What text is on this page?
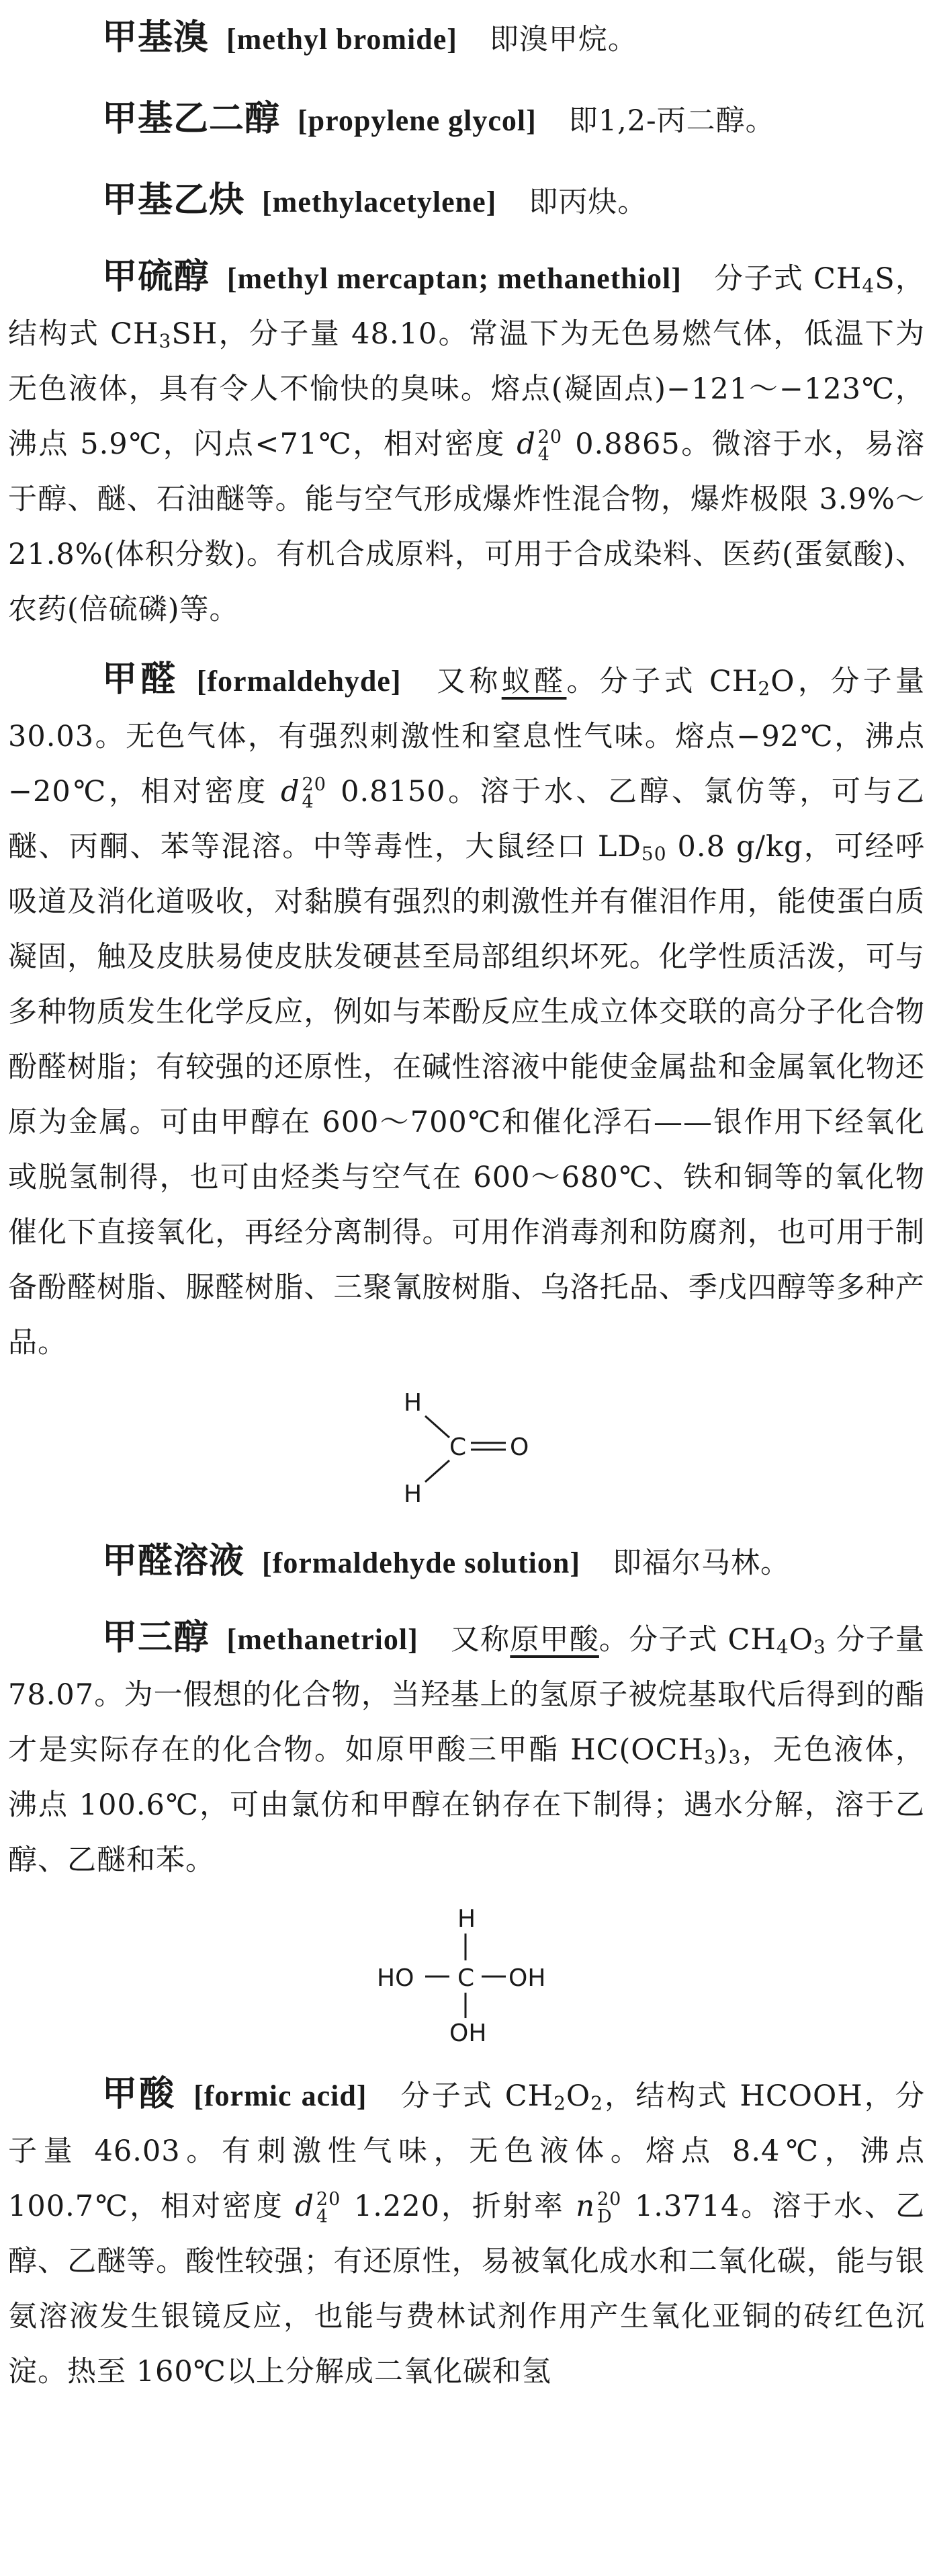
甲基溴 [methyl bromide] 即溴甲烷。

甲基乙二醇 [propylene glycol] 即1,2-丙二醇。

甲基乙炔 [methylacetylene] 即丙炔。

甲硫醇 [methyl mercaptan; methanethiol] 分子式 $CH_4S$，结构式 $CH_3SH$，分子量 48.10。常温下为无色易燃气体，低温下为无色液体，具有令人不愉快的臭味。熔点(凝固点)−121～−123℃，沸点 5.9℃，闪点<71℃，相对密度 d 20
4 0.8865。微溶于水，易溶于醇、醚、石油醚等。能与空气形成爆炸性混合物，爆炸极限 3.9%～21.8%(体积分数)。有机合成原料，可用于合成染料、医药(蛋氨酸)、农药(倍硫磷)等。

甲醛 [formaldehyde] 又称蚁醛。分子式 $CH_2O$，分子量 30.03。无色气体，有强烈刺激性和窒息性气味。熔点−92℃，沸点−20℃，相对密度 d 20
4 0.8150。溶于水、乙醇、氯仿等，可与乙醚、丙酮、苯等混溶。中等毒性，大鼠经口 $LD_{50}$ 0.8 g/kg，可经呼吸道及消化道吸收，对黏膜有强烈的刺激性并有催泪作用，能使蛋白质凝固，触及皮肤易使皮肤发硬甚至局部组织坏死。化学性质活泼，可与多种物质发生化学反应，例如与苯酚反应生成立体交联的高分子化合物酚醛树脂；有较强的还原性，在碱性溶液中能使金属盐和金属氧化物还原为金属。可由甲醇在 600～700℃和催化浮石——银作用下经氧化或脱氢制得，也可由烃类与空气在 600～680℃、铁和铜等的氧化物催化下直接氧化，再经分离制得。可用作消毒剂和防腐剂，也可用于制备酚醛树脂、脲醛树脂、三聚氰胺树脂、乌洛托品、季戊四醇等多种产品。

H
C O
H

甲醛溶液 [formaldehyde solution] 即福尔马林。

甲三醇 [methanetriol] 又称原甲酸。分子式 $CH_4O_3$ 分子量 78.07。为一假想的化合物，当羟基上的氢原子被烷基取代后得到的酯才是实际存在的化合物。如原甲酸三甲酯 $HC(OCH_3)_3$，无色液体，沸点 100.6℃，可由氯仿和甲醇在钠存在下制得；遇水分解，溶于乙醇、乙醚和苯。

H
C
HO	OH
OH

甲酸 [formic acid] 分子式 $CH_2O_2$，结构式 HCOOH，分子量 46.03。有刺激性气味，无色液体。熔点 8.4℃，沸点 100.7℃，相对密度 d 20
4 1.220，折射率 n 20
D 1.3714。溶于水、乙醇、乙醚等。酸性较强；有还原性，易被氧化成水和二氧化碳，能与银氨溶液发生银镜反应，也能与费林试剂作用产生氧化亚铜的砖红色沉淀。热至 160℃以上分解成二氧化碳和氢
